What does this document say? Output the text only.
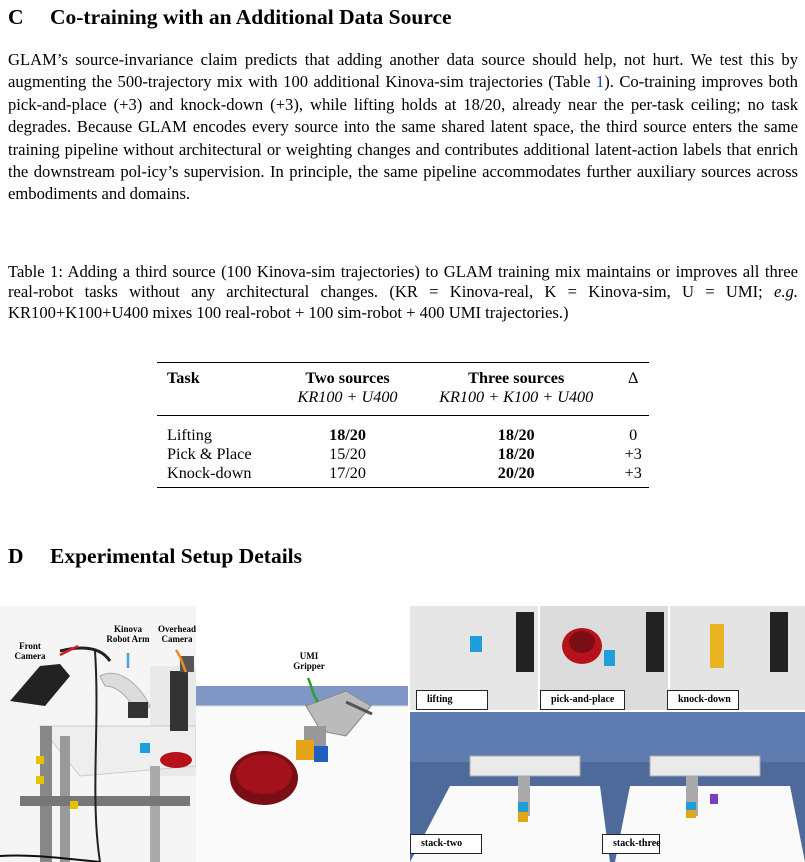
C Co-training with an Additional Data Source

GLAM’s source-invariance claim predicts that adding another data source should help, not hurt. We test this by augmenting the 500-trajectory mix with 100 additional Kinova-sim trajectories (Table 1). Co-training improves both pick-and-place (+3) and knock-down (+3), while lifting holds at 18/20, already near the per-task ceiling; no task degrades. Because GLAM encodes every source into the same shared latent space, the third source enters the same training pipeline without architectural or weighting changes and contributes additional latent-action labels that enrich the downstream pol-icy’s supervision. In principle, the same pipeline accommodates further auxiliary sources across embodiments and domains.

Table 1: Adding a third source (100 Kinova-sim trajectories) to GLAM training mix maintains or improves all three real-robot tasks without any architectural changes. (KR = Kinova-real, K = Kinova-sim, U = UMI; e.g. KR100+K100+U400 mixes 100 real-robot + 100 sim-robot + 400 UMI trajectories.)

Task	Two sources	Three sources	Δ
	KR100 + U400	KR100 + K100 + U400	
Lifting	18/20	18/20	0
Pick & Place	15/20	18/20	+3
Knock-down	17/20	20/20	+3
D Experimental Setup Details
Front Camera
Kinova Robot Arm
Overhead Camera
UMI Gripper
lifting	pick-and-place	knock-down
stack-two	stack-three
